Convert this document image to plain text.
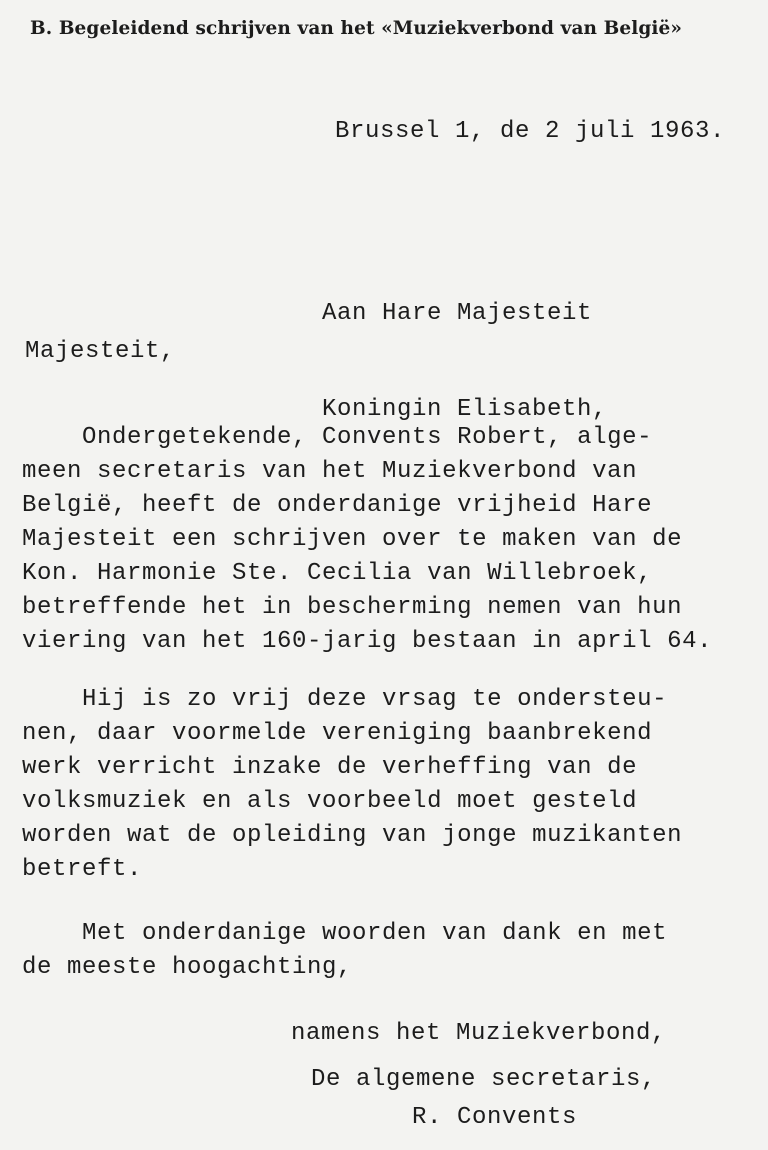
B. Begeleidend schrijven van het «Muziekverbond van België»
Brussel 1, de 2 juli 1963.

Aan Hare Majesteit

Koningin Elisabeth,

Majesteit,
Ondergetekende, Convents Robert, alge-
meen secretaris van het Muziekverbond van
België, heeft de onderdanige vrijheid Hare
Majesteit een schrijven over te maken van de
Kon. Harmonie Ste. Cecilia van Willebroek,
betreffende het in bescherming nemen van hun
viering van het 160-jarig bestaan in april 64.
Hij is zo vrij deze vrsag te ondersteu-
nen, daar voormelde vereniging baanbrekend
werk verricht inzake de verheffing van de
volksmuziek en als voorbeeld moet gesteld
worden wat de opleiding van jonge muzikanten
betreft.
Met onderdanige woorden van dank en met
de meeste hoogachting,
namens het Muziekverbond,
De algemene secretaris,
R. Convents
